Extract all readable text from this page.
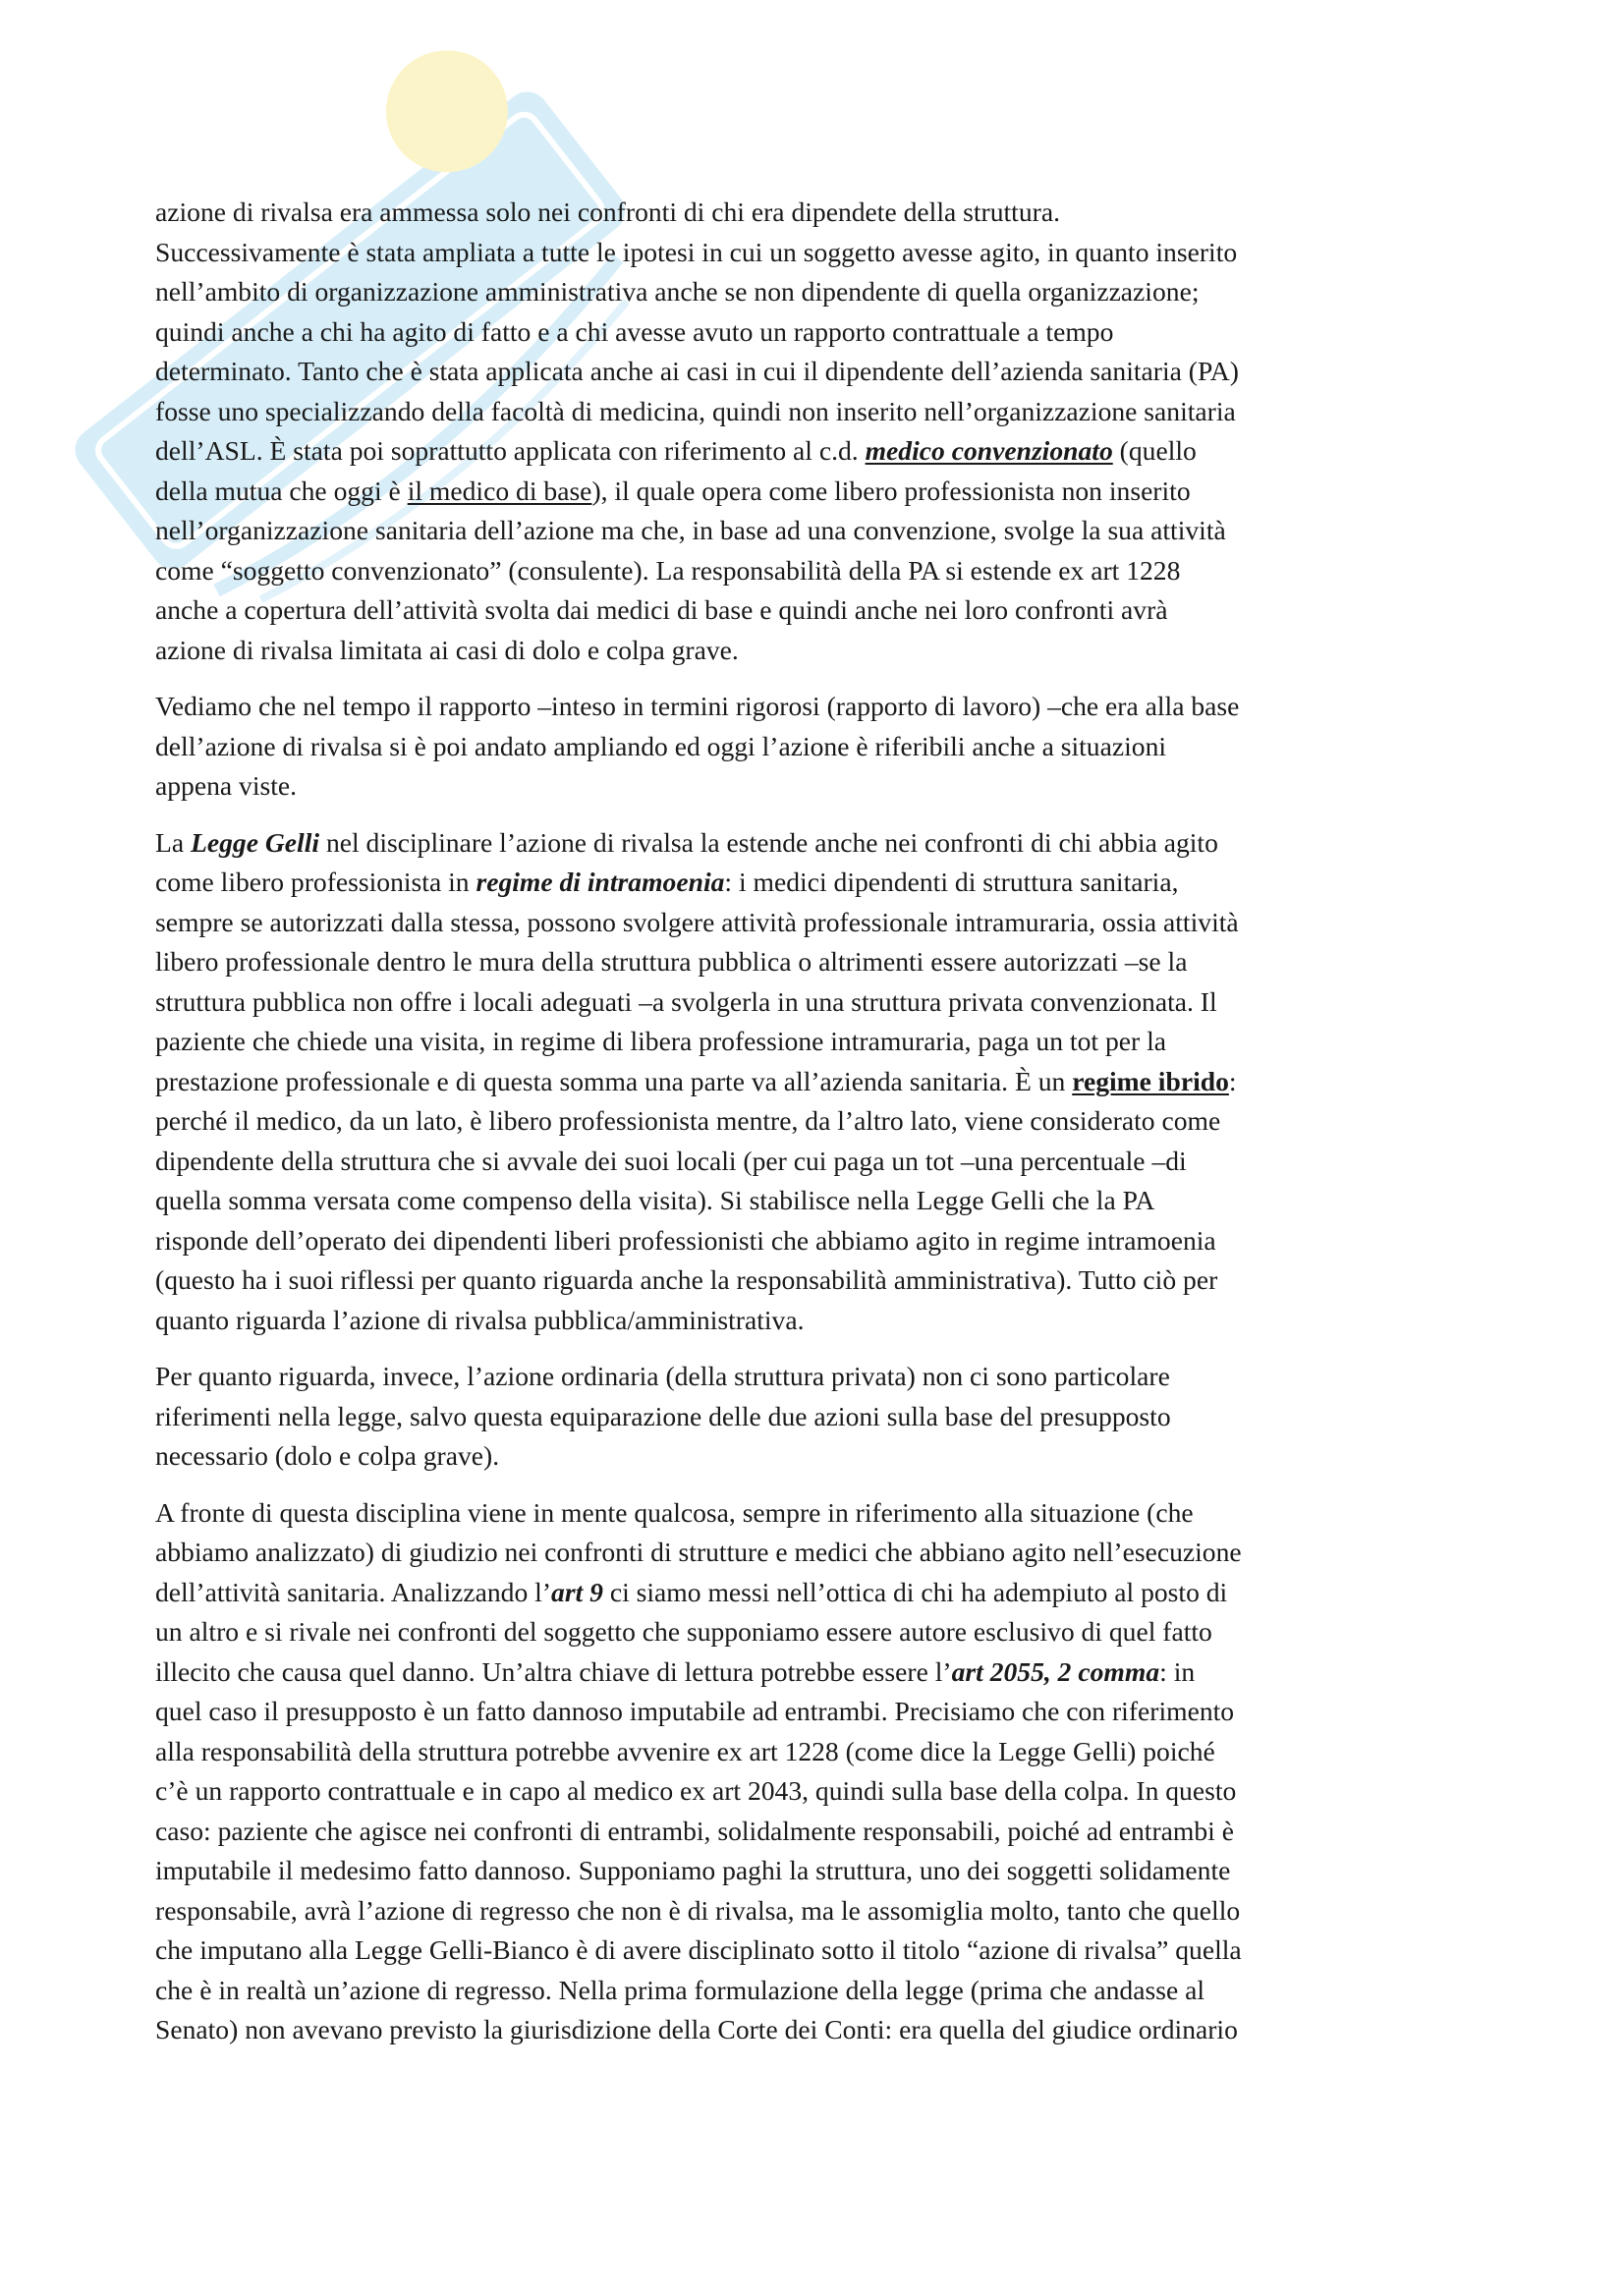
azione di rivalsa era ammessa solo nei confronti di chi era dipendete della struttura.
Successivamente è stata ampliata a tutte le ipotesi in cui un soggetto avesse agito, in quanto inserito
nell’ambito di organizzazione amministrativa anche se non dipendente di quella organizzazione;
quindi anche a chi ha agito di fatto e a chi avesse avuto un rapporto contrattuale a tempo
determinato. Tanto che è stata applicata anche ai casi in cui il dipendente dell’azienda sanitaria (PA)
fosse uno specializzando della facoltà di medicina, quindi non inserito nell’organizzazione sanitaria
dell’ASL. È stata poi soprattutto applicata con riferimento al c.d. medico convenzionato (quello
della mutua che oggi è il medico di base), il quale opera come libero professionista non inserito
nell’organizzazione sanitaria dell’azione ma che, in base ad una convenzione, svolge la sua attività
come “soggetto convenzionato” (consulente). La responsabilità della PA si estende ex art 1228
anche a copertura dell’attività svolta dai medici di base e quindi anche nei loro confronti avrà
azione di rivalsa limitata ai casi di dolo e colpa grave.
Vediamo che nel tempo il rapporto –inteso in termini rigorosi (rapporto di lavoro) –che era alla base
dell’azione di rivalsa si è poi andato ampliando ed oggi l’azione è riferibili anche a situazioni
appena viste.
La Legge Gelli nel disciplinare l’azione di rivalsa la estende anche nei confronti di chi abbia agito
come libero professionista in regime di intramoenia: i medici dipendenti di struttura sanitaria,
sempre se autorizzati dalla stessa, possono svolgere attività professionale intramuraria, ossia attività
libero professionale dentro le mura della struttura pubblica o altrimenti essere autorizzati –se la
struttura pubblica non offre i locali adeguati –a svolgerla in una struttura privata convenzionata. Il
paziente che chiede una visita, in regime di libera professione intramuraria, paga un tot per la
prestazione professionale e di questa somma una parte va all’azienda sanitaria. È un regime ibrido:
perché il medico, da un lato, è libero professionista mentre, da l’altro lato, viene considerato come
dipendente della struttura che si avvale dei suoi locali (per cui paga un tot –una percentuale –di
quella somma versata come compenso della visita). Si stabilisce nella Legge Gelli che la PA
risponde dell’operato dei dipendenti liberi professionisti che abbiamo agito in regime intramoenia
(questo ha i suoi riflessi per quanto riguarda anche la responsabilità amministrativa). Tutto ciò per
quanto riguarda l’azione di rivalsa pubblica/amministrativa.
Per quanto riguarda, invece, l’azione ordinaria (della struttura privata) non ci sono particolare
riferimenti nella legge, salvo questa equiparazione delle due azioni sulla base del presupposto
necessario (dolo e colpa grave).
A fronte di questa disciplina viene in mente qualcosa, sempre in riferimento alla situazione (che
abbiamo analizzato) di giudizio nei confronti di strutture e medici che abbiano agito nell’esecuzione
dell’attività sanitaria. Analizzando l’art 9 ci siamo messi nell’ottica di chi ha adempiuto al posto di
un altro e si rivale nei confronti del soggetto che supponiamo essere autore esclusivo di quel fatto
illecito che causa quel danno. Un’altra chiave di lettura potrebbe essere l’art 2055, 2 comma: in
quel caso il presupposto è un fatto dannoso imputabile ad entrambi. Precisiamo che con riferimento
alla responsabilità della struttura potrebbe avvenire ex art 1228 (come dice la Legge Gelli) poiché
c’è un rapporto contrattuale e in capo al medico ex art 2043, quindi sulla base della colpa. In questo
caso: paziente che agisce nei confronti di entrambi, solidalmente responsabili, poiché ad entrambi è
imputabile il medesimo fatto dannoso. Supponiamo paghi la struttura, uno dei soggetti solidamente
responsabile, avrà l’azione di regresso che non è di rivalsa, ma le assomiglia molto, tanto che quello
che imputano alla Legge Gelli-Bianco è di avere disciplinato sotto il titolo “azione di rivalsa” quella
che è in realtà un’azione di regresso. Nella prima formulazione della legge (prima che andasse al
Senato) non avevano previsto la giurisdizione della Corte dei Conti: era quella del giudice ordinario
